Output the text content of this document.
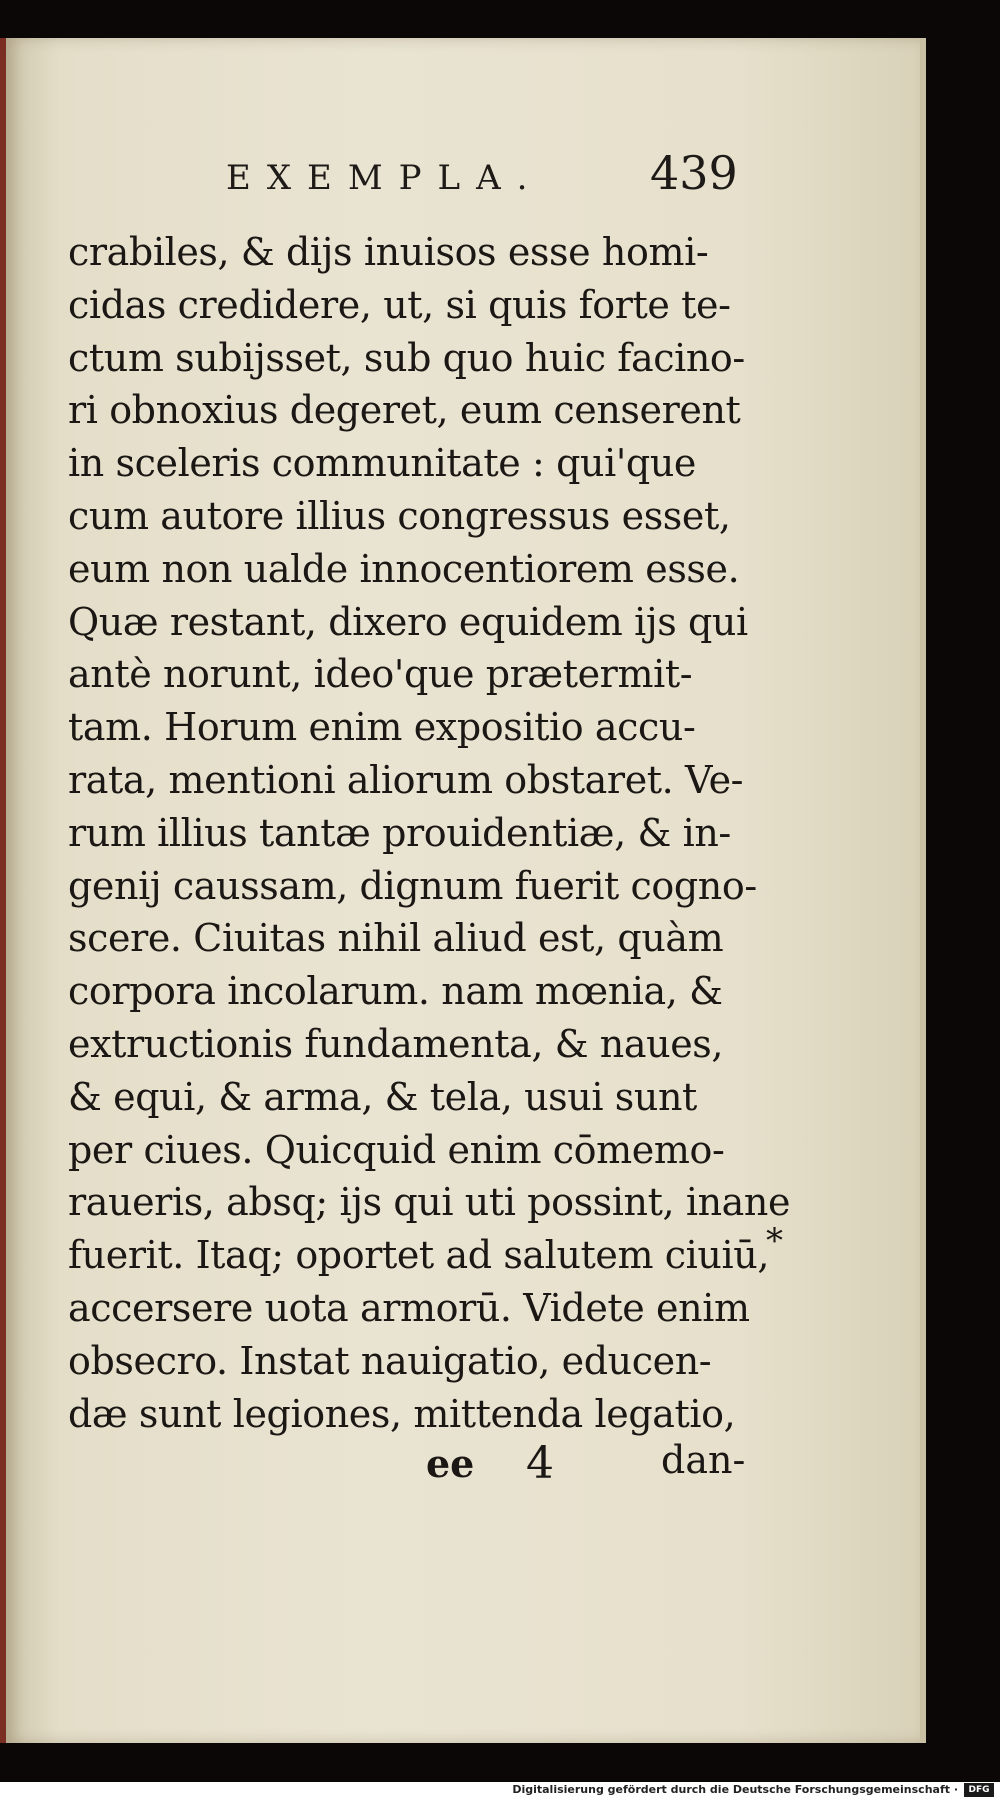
EXEMPLA. 439
crabiles, & dijs inuisos esse homi-
cidas credidere, ut, si quis forte te-
ctum subijsset, sub quo huic facino-
ri obnoxius degeret, eum censerent
in sceleris communitate : qui'que
cum autore illius congressus esset,
eum non ualde innocentiorem esse.
Quæ restant, dixero equidem ijs qui
antè norunt, ideo'que prætermit-
tam. Horum enim expositio accu-
rata, mentioni aliorum obstaret. Ve-
rum illius tantæ prouidentiæ, & in-
genij caussam, dignum fuerit cogno-
scere. Ciuitas nihil aliud est, quàm
corpora incolarum. nam mœnia, &
extructionis fundamenta, & naues,
& equi, & arma, & tela, usui sunt
per ciues. Quicquid enim cōmemo-
raueris, absq; ijs qui uti possint, inane
fuerit. Itaq; oportet ad salutem ciuiū,
accersere uota armorū. Videte enim
obsecro. Instat nauigatio, educen-
dæ sunt legiones, mittenda legatio,
*
ee 4	dan-
Digitalisierung gefördert durch die Deutsche Forschungsgemeinschaft ·	DFG
